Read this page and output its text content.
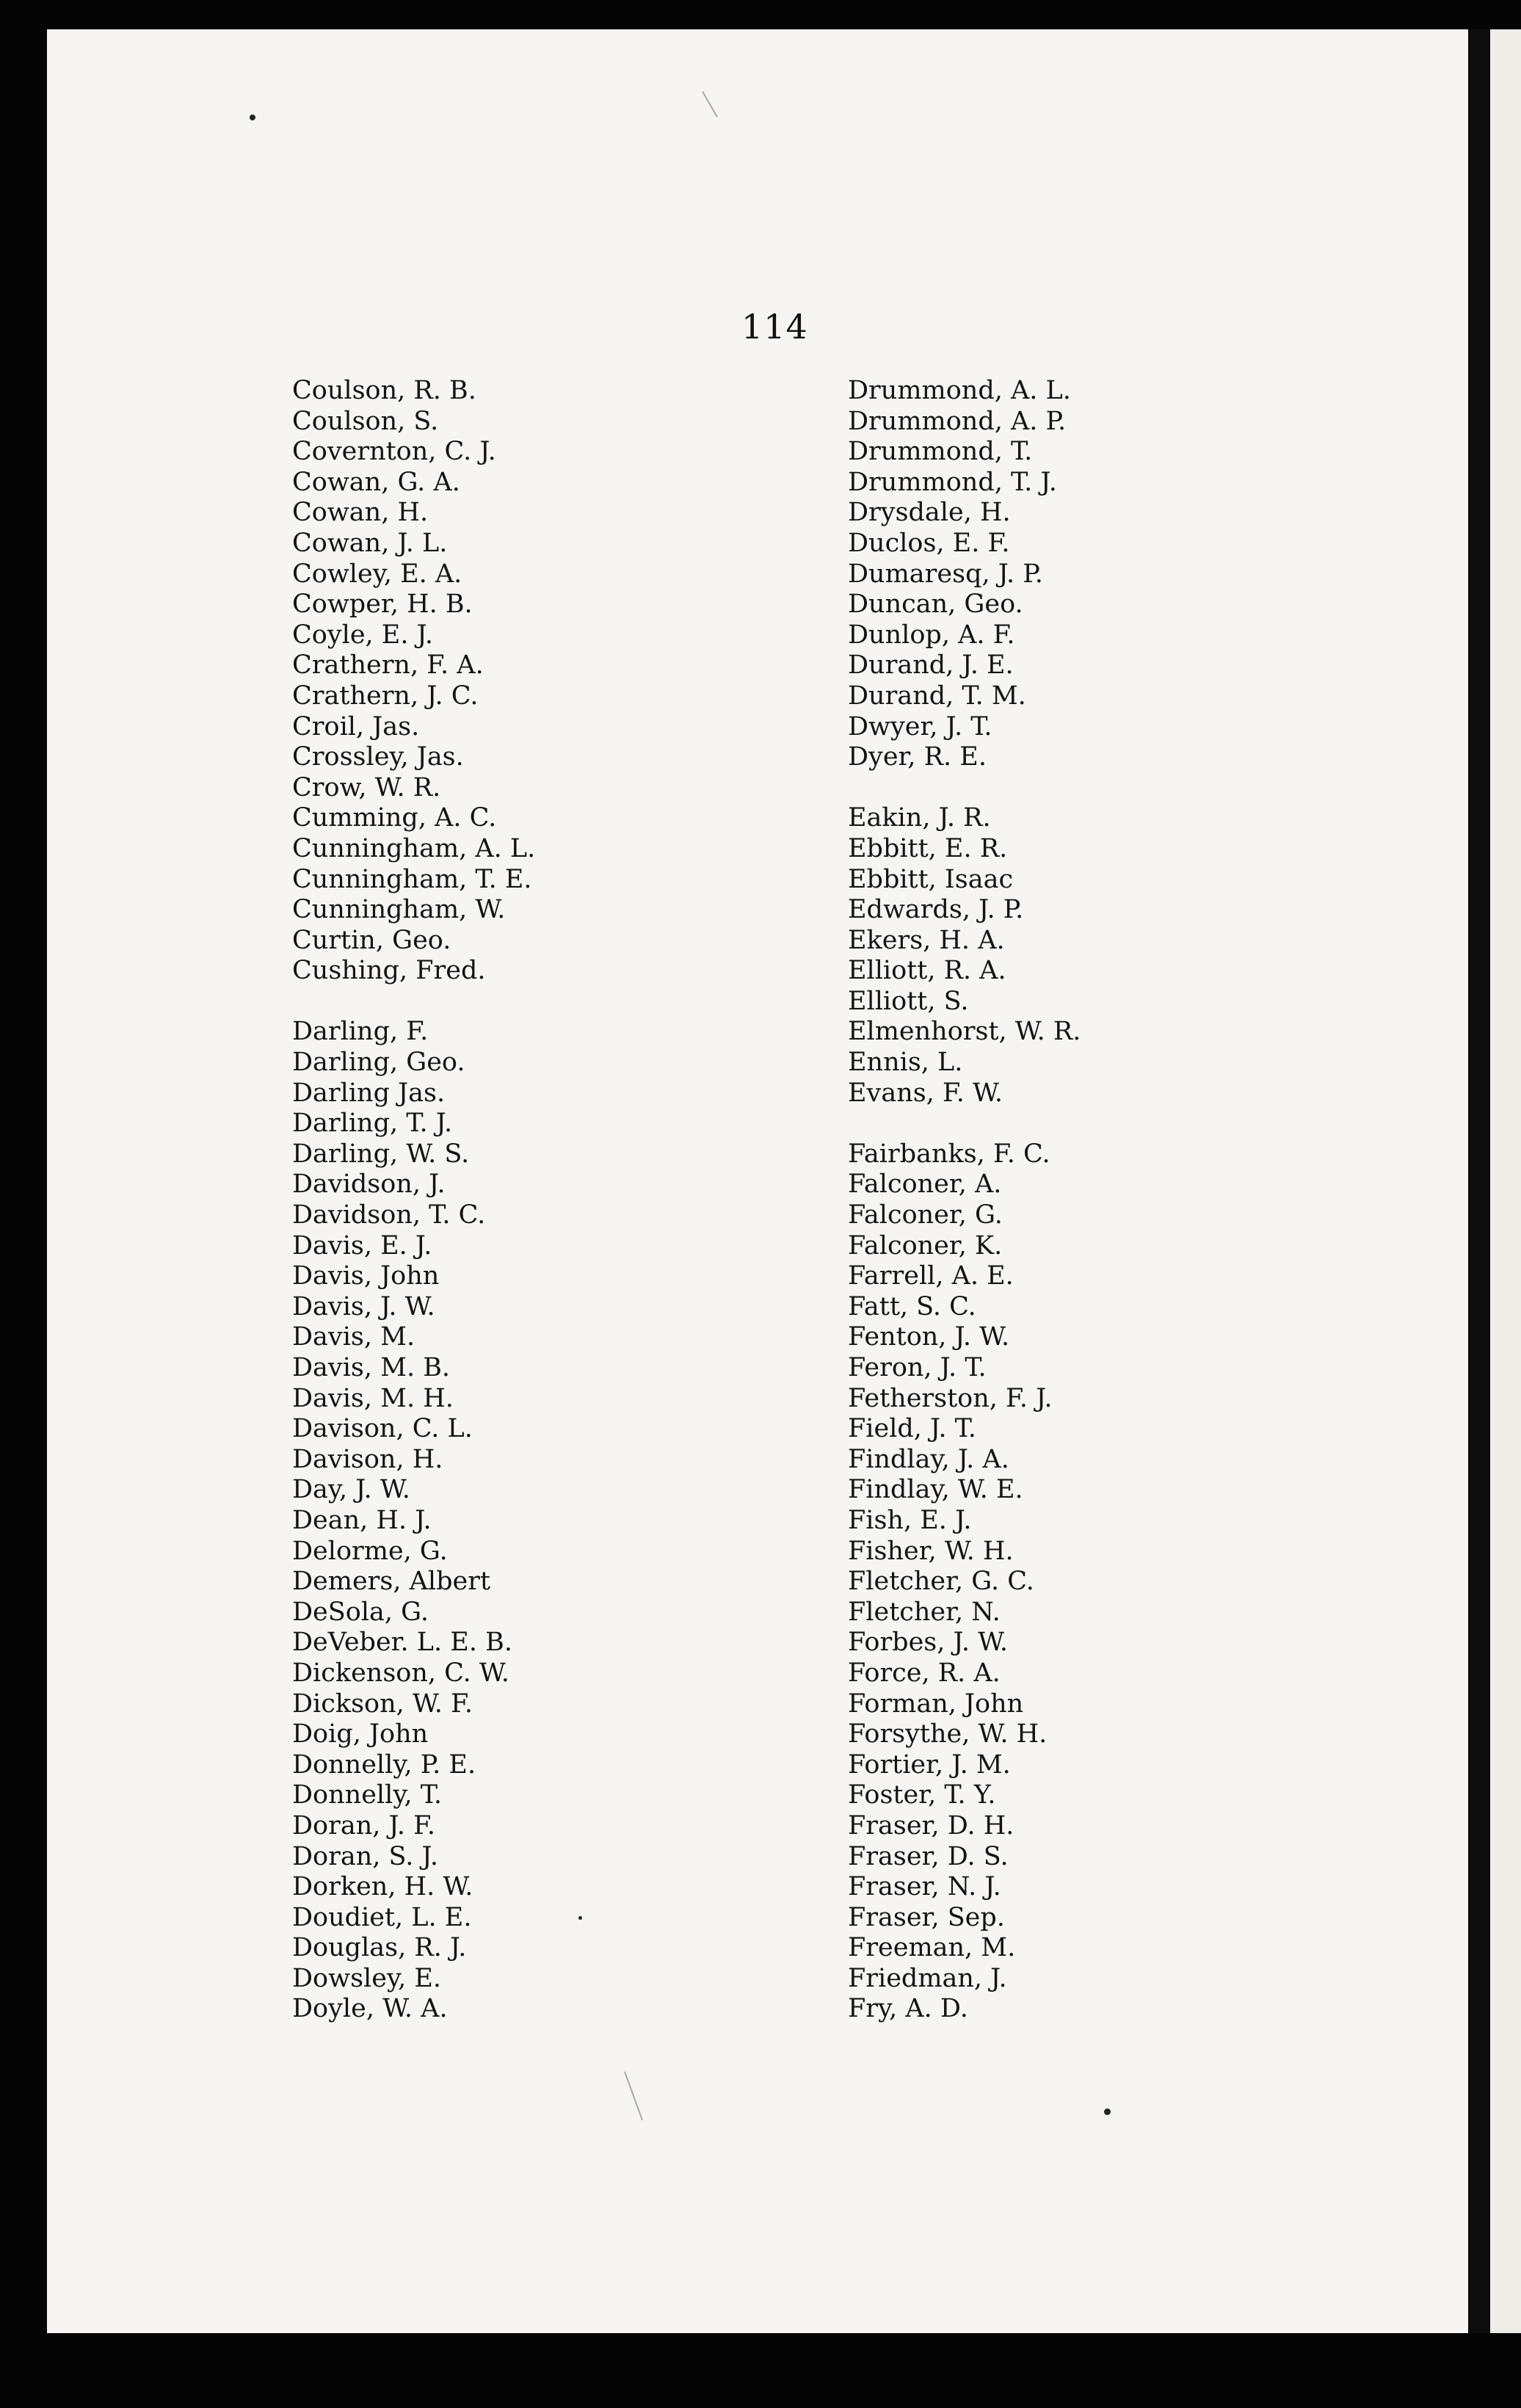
114
Coulson, R. B.
Coulson, S.
Covernton, C. J.
Cowan, G. A.
Cowan, H.
Cowan, J. L.
Cowley, E. A.
Cowper, H. B.
Coyle, E. J.
Crathern, F. A.
Crathern, J. C.
Croil, Jas.
Crossley, Jas.
Crow, W. R.
Cumming, A. C.
Cunningham, A. L.
Cunningham, T. E.
Cunningham, W.
Curtin, Geo.
Cushing, Fred.
Darling, F.
Darling, Geo.
Darling Jas.
Darling, T. J.
Darling, W. S.
Davidson, J.
Davidson, T. C.
Davis, E. J.
Davis, John
Davis, J. W.
Davis, M.
Davis, M. B.
Davis, M. H.
Davison, C. L.
Davison, H.
Day, J. W.
Dean, H. J.
Delorme, G.
Demers, Albert
DeSola, G.
DeVeber. L. E. B.
Dickenson, C. W.
Dickson, W. F.
Doig, John
Donnelly, P. E.
Donnelly, T.
Doran, J. F.
Doran, S. J.
Dorken, H. W.
Doudiet, L. E.
Douglas, R. J.
Dowsley, E.
Doyle, W. A.
Drummond, A. L.
Drummond, A. P.
Drummond, T.
Drummond, T. J.
Drysdale, H.
Duclos, E. F.
Dumaresq, J. P.
Duncan, Geo.
Dunlop, A. F.
Durand, J. E.
Durand, T. M.
Dwyer, J. T.
Dyer, R. E.
Eakin, J. R.
Ebbitt, E. R.
Ebbitt, Isaac
Edwards, J. P.
Ekers, H. A.
Elliott, R. A.
Elliott, S.
Elmenhorst, W. R.
Ennis, L.
Evans, F. W.
Fairbanks, F. C.
Falconer, A.
Falconer, G.
Falconer, K.
Farrell, A. E.
Fatt, S. C.
Fenton, J. W.
Feron, J. T.
Fetherston, F. J.
Field, J. T.
Findlay, J. A.
Findlay, W. E.
Fish, E. J.
Fisher, W. H.
Fletcher, G. C.
Fletcher, N.
Forbes, J. W.
Force, R. A.
Forman, John
Forsythe, W. H.
Fortier, J. M.
Foster, T. Y.
Fraser, D. H.
Fraser, D. S.
Fraser, N. J.
Fraser, Sep.
Freeman, M.
Friedman, J.
Fry, A. D.
